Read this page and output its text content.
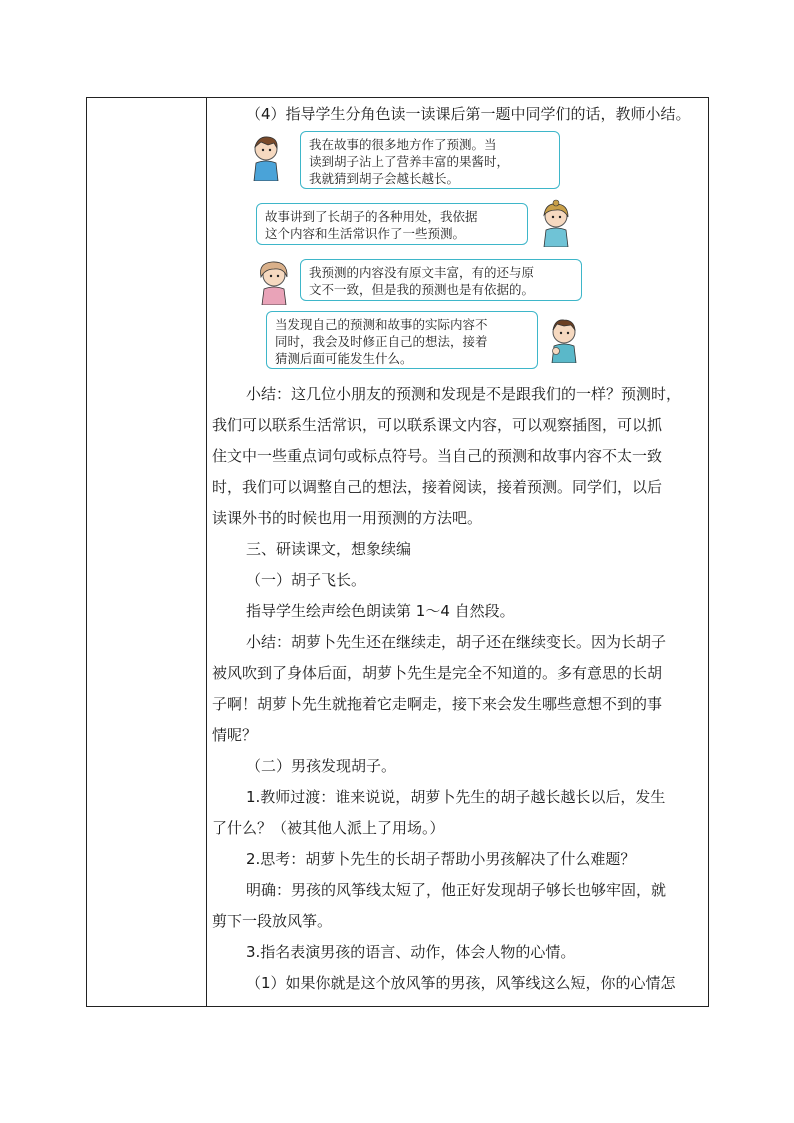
（4）指导学生分角色读一读课后第一题中同学们的话，教师小结。
我在故事的很多地方作了预测。当
读到胡子沾上了营养丰富的果酱时，
我就猜到胡子会越长越长。
故事讲到了长胡子的各种用处，我依据
这个内容和生活常识作了一些预测。
我预测的内容没有原文丰富，有的还与原
文不一致，但是我的预测也是有依据的。
当发现自己的预测和故事的实际内容不
同时，我会及时修正自己的想法，接着
猜测后面可能发生什么。
小结：这几位小朋友的预测和发现是不是跟我们的一样？预测时，
我们可以联系生活常识，可以联系课文内容，可以观察插图，可以抓
住文中一些重点词句或标点符号。当自己的预测和故事内容不太一致
时，我们可以调整自己的想法，接着阅读，接着预测。同学们，以后
读课外书的时候也用一用预测的方法吧。
三、研读课文，想象续编
（一）胡子飞长。
指导学生绘声绘色朗读第 1～4 自然段。
小结：胡萝卜先生还在继续走，胡子还在继续变长。因为长胡子
被风吹到了身体后面，胡萝卜先生是完全不知道的。多有意思的长胡
子啊！胡萝卜先生就拖着它走啊走，接下来会发生哪些意想不到的事
情呢？
（二）男孩发现胡子。
1.教师过渡：谁来说说，胡萝卜先生的胡子越长越长以后，发生
了什么？（被其他人派上了用场。）
2.思考：胡萝卜先生的长胡子帮助小男孩解决了什么难题？
明确：男孩的风筝线太短了，他正好发现胡子够长也够牢固，就
剪下一段放风筝。
3.指名表演男孩的语言、动作，体会人物的心情。
（1）如果你就是这个放风筝的男孩，风筝线这么短，你的心情怎
